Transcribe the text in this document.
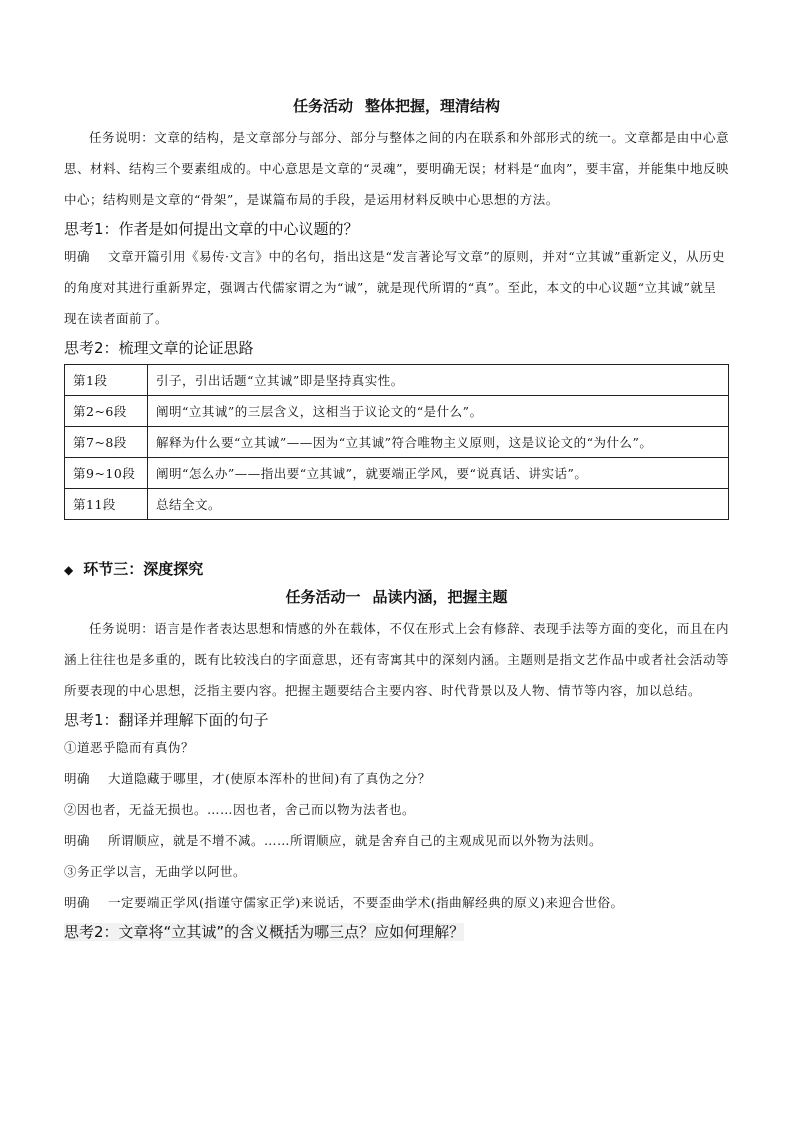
任务活动 整体把握，理清结构

任务说明：文章的结构，是文章部分与部分、部分与整体之间的内在联系和外部形式的统一。文章都是由中心意思、材料、结构三个要素组成的。中心意思是文章的“灵魂”，要明确无误；材料是“血肉”，要丰富，并能集中地反映中心；结构则是文章的“骨架”，是谋篇布局的手段，是运用材料反映中心思想的方法。

思考1：作者是如何提出文章的中心议题的？

明确 文章开篇引用《易传·文言》中的名句，指出这是“发言著论写文章”的原则，并对“立其诚”重新定义，从历史的角度对其进行重新界定，强调古代儒家谓之为“诚”，就是现代所谓的“真”。至此，本文的中心议题“立其诚”就呈现在读者面前了。

思考2：梳理文章的论证思路

第1段	引子，引出话题“立其诚”即是坚持真实性。
第2~6段	阐明“立其诚”的三层含义，这相当于议论文的“是什么”。
第7~8段	解释为什么要“立其诚”——因为“立其诚”符合唯物主义原则，这是议论文的“为什么”。
第9~10段	阐明“怎么办”——指出要“立其诚”，就要端正学风，要“说真话、讲实话”。
第11段	总结全文。
◆ 环节三：深度探究
任务活动一 品读内涵，把握主题

任务说明：语言是作者表达思想和情感的外在载体，不仅在形式上会有修辞、表现手法等方面的变化，而且在内涵上往往也是多重的，既有比较浅白的字面意思，还有寄寓其中的深刻内涵。主题则是指文艺作品中或者社会活动等所要表现的中心思想，泛指主要内容。把握主题要结合主要内容、时代背景以及人物、情节等内容，加以总结。

思考1：翻译并理解下面的句子

①道恶乎隐而有真伪？

明确 大道隐藏于哪里，才(使原本浑朴的世间)有了真伪之分？

②因也者，无益无损也。……因也者，舍己而以物为法者也。

明确 所谓顺应，就是不增不减。……所谓顺应，就是舍弃自己的主观成见而以外物为法则。

③务正学以言，无曲学以阿世。

明确 一定要端正学风(指谨守儒家正学)来说话，不要歪曲学术(指曲解经典的原义)来迎合世俗。

思考2：文章将“立其诚”的含义概括为哪三点？应如何理解？
